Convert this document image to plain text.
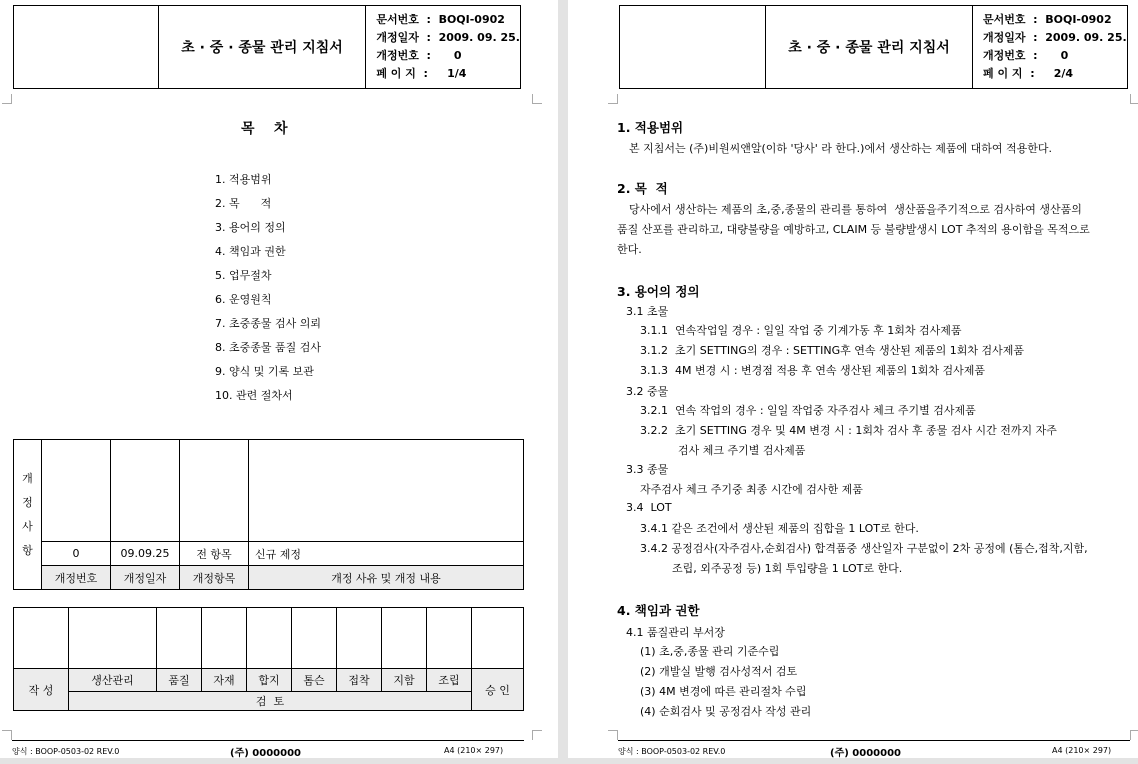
	초 · 중 · 종물 관리 지침서	
문서번호  :  BOQI-0902
개정일자  :  2009. 09. 25.
개정번호  :      0
페 이 지  :     1/4
목    차
1. 적용범위
2. 목      적
3. 용어의 정의
4. 책임과 권한
5. 업무절차
6. 운영원칙
7. 초중종물 검사 의뢰
8. 초중종물 품질 검사
9. 양식 및 기록 보관
10. 관련 절차서
개
정
사
항				

	0	09.09.25	전 항목	신규 제정
	개정번호	개정일자	개정항목	개정 사유 및 개정 내용

작 성	생산관리	품질	자재	합지	톰슨	접착	지함	조립	승 인
	검  토								
양식 : BOOP-0503-02 REV.0	(주) 0000000	A4 (210× 297)
	초 · 중 · 종물 관리 지침서	
문서번호  :  BOQI-0902
개정일자  :  2009. 09. 25.
개정번호  :      0
페 이 지  :     2/4
1. 적용범위
본 지침서는 (주)비원씨앤알(이하 '당사' 라 한다.)에서 생산하는 제품에 대하여 적용한다.
2. 목  적
당사에서 생산하는 제품의 초,중,종물의 관리를 통하여  생산품을주기적으로 검사하여 생산품의
품질 산포를 관리하고, 대량불량을 예방하고, CLAIM 등 불량발생시 LOT 추적의 용이함을 목적으로
한다.
3. 용어의 정의
3.1 초물
3.1.1  연속작업일 경우 : 일일 작업 중 기계가동 후 1회차 검사제품
3.1.2  초기 SETTING의 경우 : SETTING후 연속 생산된 제품의 1회차 검사제품
3.1.3  4M 변경 시 : 변경점 적용 후 연속 생산된 제품의 1회차 검사제품
3.2 중물
3.2.1  연속 작업의 경우 : 일일 작업중 자주검사 체크 주기별 검사제품
3.2.2  초기 SETTING 경우 및 4M 변경 시 : 1회차 검사 후 종물 검사 시간 전까지 자주
검사 체크 주기별 검사제품
3.3 종물
자주검사 체크 주기중 최종 시간에 검사한 제품
3.4  LOT
3.4.1 같은 조건에서 생산된 제품의 집합을 1 LOT로 한다.
3.4.2 공정검사(자주검사,순회검사) 합격품중 생산일자 구분없이 2차 공정에 (톰슨,접착,지함,
조립, 외주공정 등) 1회 투입량을 1 LOT로 한다.
4. 책임과 권한
4.1 품질관리 부서장
(1) 초,중,종물 관리 기준수립
(2) 개발실 발행 검사성적서 검토
(3) 4M 변경에 따른 관리절차 수립
(4) 순회검사 및 공정검사 작성 관리
양식 : BOOP-0503-02 REV.0	(주) 0000000	A4 (210× 297)
